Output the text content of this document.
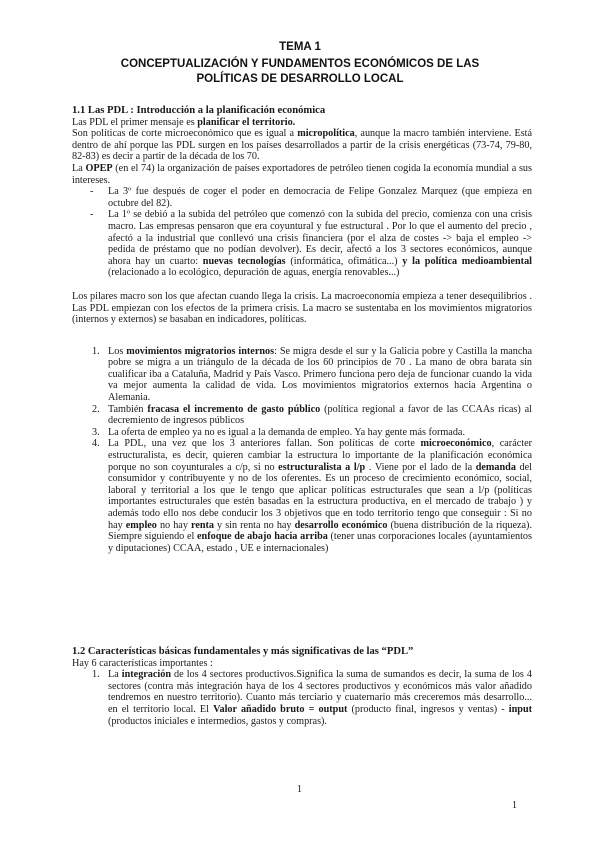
TEMA 1
CONCEPTUALIZACIÓN Y FUNDAMENTOS ECONÓMICOS DE LAS
POLÍTICAS DE DESARROLLO LOCAL

1.1 Las PDL : Introducción a la planificación económica

Las PDL el primer mensaje es planificar el territorio.

Son políticas de corte microeconómico que es igual a micropolítica, aunque la macro también interviene. Está dentro de ahí porque las PDL surgen en los países desarrollados a partir de la crisis energéticas (73-74, 79-80, 82-83) es decir a partir de la década de los 70.

La OPEP (en el 74) la organización de países exportadores de petróleo tienen cogida la economía mundial a sus intereses.

- La 3º fue después de coger el poder en democracia de Felipe Gonzalez Marquez (que empieza en octubre del 82).

- La 1º se debió a la subida del petróleo que comenzó con la subida del precio, comienza con una crisis macro. Las empresas pensaron que era coyuntural y fue estructural . Por lo que el aumento del precio , afectó a la industrial que conllevó una crisis financiera (por el alza de costes -> baja el empleo -> pedida de préstamo que no podían devolver). Es decir, afectó a los 3 sectores económicos, aunque ahora hay un cuarto: nuevas tecnologías (informática, ofimática...) y la política medioambiental (relacionado a lo ecológico, depuración de aguas, energía renovables...)

Los pilares macro son los que afectan cuando llega la crisis. La macroeconomía empieza a tener desequilibrios . Las PDL empiezan con los efectos de la primera crisis. La macro se sustentaba en los movimientos migratorios (internos y externos) se basaban en indicadores, políticas.

1. Los movimientos migratorios internos: Se migra desde el sur y la Galicia pobre y Castilla la mancha pobre se migra a un triángulo de la década de los 60 principios de 70 . La mano de obra barata sin cualificar iba a Cataluña, Madrid y País Vasco. Primero funciona pero deja de funcionar cuando la vida va mejor aumenta la calidad de vida. Los movimientos migratorios externos hacia Argentina o Alemania.

2. También fracasa el incremento de gasto público (política regional a favor de las CCAAs ricas) al decremiento de ingresos públicos

3. La oferta de empleo ya no es igual a la demanda de empleo. Ya hay gente más formada.

4. La PDL, una vez que los 3 anteriores fallan. Son políticas de corte microeconómico, carácter estructuralista, es decir, quieren cambiar la estructura lo importante de la planificación económica porque no son coyunturales a c/p, si no estructuralista a l/p . Viene por el lado de la demanda del consumidor y contribuyente y no de los oferentes. Es un proceso de crecimiento económico, social, laboral y territorial a los que le tengo que aplicar políticas estructurales que sean a l/p (políticas importantes estructurales que estén basadas en la estructura productiva, en el mercado de trabajo ) y además todo ello nos debe conducir los 3 objetivos que en todo territorio tengo que conseguir : Si no hay empleo no hay renta y sin renta no hay desarrollo económico (buena distribución de la riqueza). Siempre siguiendo el enfoque de abajo hacia arriba (tener unas corporaciones locales (ayuntamientos y diputaciones) CCAA, estado , UE e internacionales)

1.2 Características básicas fundamentales y más significativas de las “PDL”

Hay 6 características importantes :

1. La integración de los 4 sectores productivos.Significa la suma de sumandos es decir, la suma de los 4 sectores (contra más integración haya de los 4 sectores productivos y económicos más valor añadido tendremos en nuestro territorio). Cuanto más terciario y cuaternario más creceremos más desarrollo... en el territorio local. El Valor añadido bruto = output (producto final, ingresos y ventas) - input (productos iniciales e intermedios, gastos y compras).

1
1
